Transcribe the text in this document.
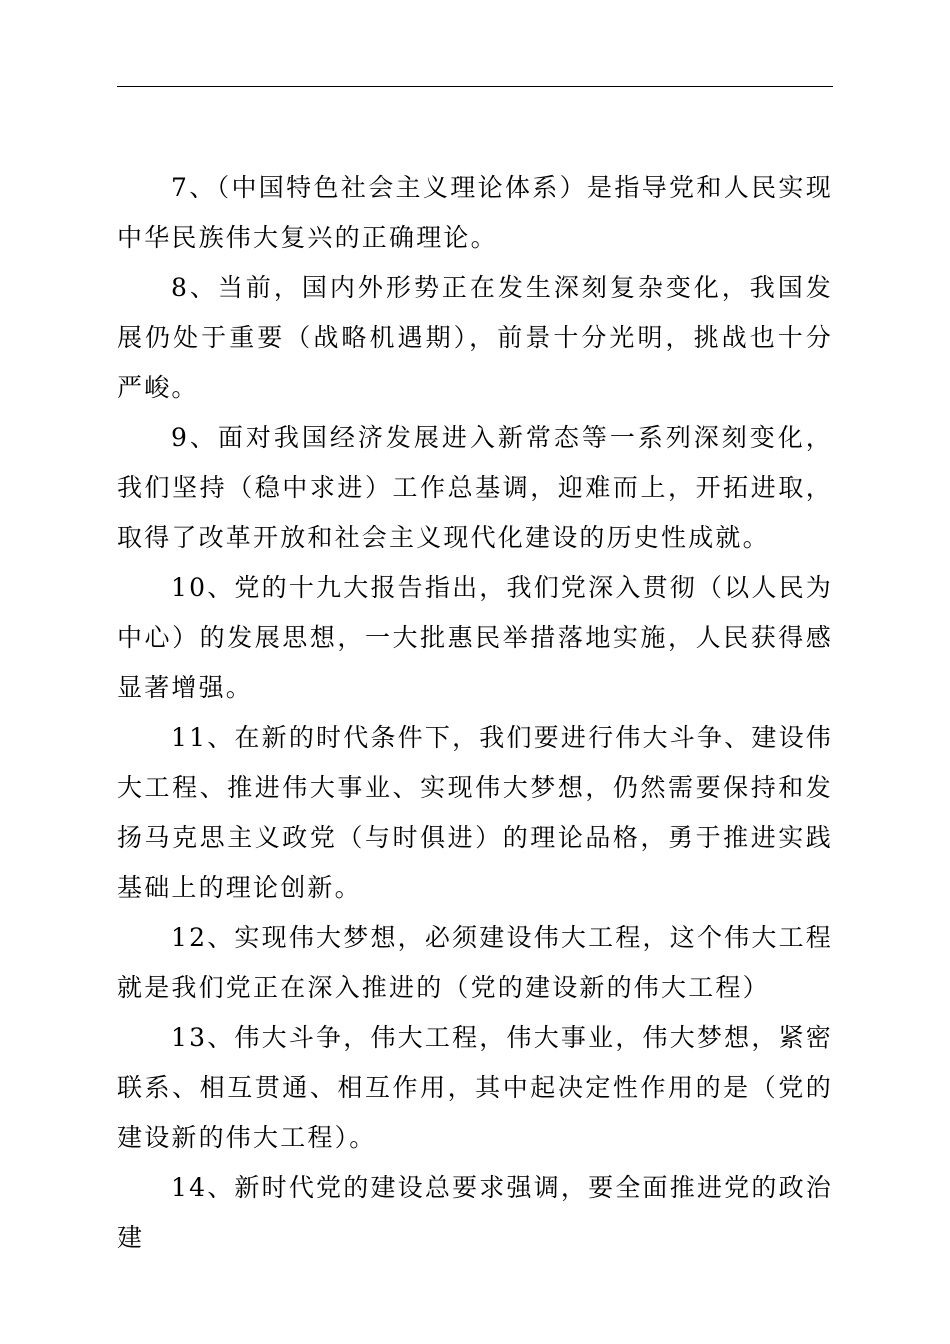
7、（中国特色社会主义理论体系）是指导党和人民实现中华民族伟大复兴的正确理论。

8、当前，国内外形势正在发生深刻复杂变化，我国发展仍处于重要（战略机遇期），前景十分光明，挑战也十分严峻。

9、面对我国经济发展进入新常态等一系列深刻变化，我们坚持（稳中求进）工作总基调，迎难而上，开拓进取，取得了改革开放和社会主义现代化建设的历史性成就。

10、党的十九大报告指出，我们党深入贯彻（以人民为中心）的发展思想，一大批惠民举措落地实施，人民获得感显著增强。

11、在新的时代条件下，我们要进行伟大斗争、建设伟大工程、推进伟大事业、实现伟大梦想，仍然需要保持和发扬马克思主义政党（与时俱进）的理论品格，勇于推进实践基础上的理论创新。

12、实现伟大梦想，必须建设伟大工程，这个伟大工程就是我们党正在深入推进的（党的建设新的伟大工程）

13、伟大斗争，伟大工程，伟大事业，伟大梦想，紧密联系、相互贯通、相互作用，其中起决定性作用的是（党的建设新的伟大工程）。

14、新时代党的建设总要求强调，要全面推进党的政治建
